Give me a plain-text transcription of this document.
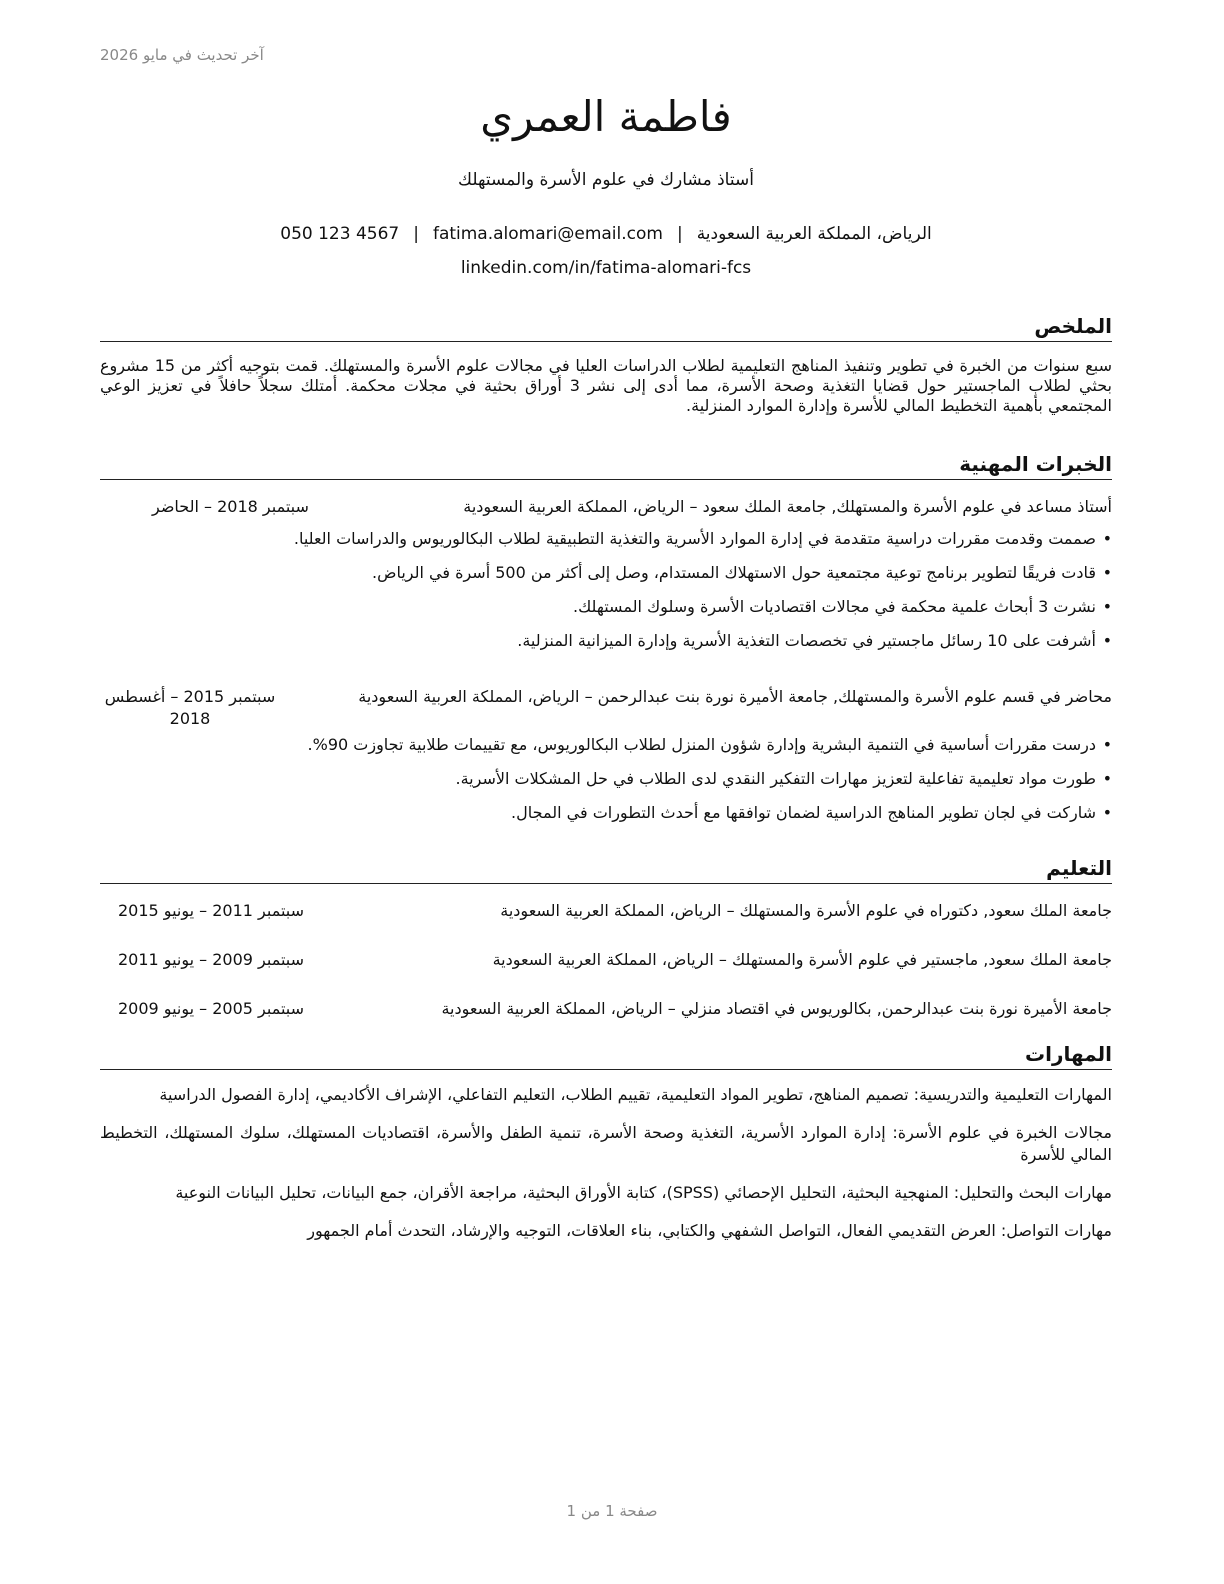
آخر تحديث في مايو 2026
فاطمة العمري
أستاذ مشارك في علوم الأسرة والمستهلك
050 123 4567 | fatima.alomari@email.com | الرياض، المملكة العربية السعودية
linkedin.com/in/fatima-alomari-fcs
الملخص
سبع سنوات من الخبرة في تطوير وتنفيذ المناهج التعليمية لطلاب الدراسات العليا في مجالات علوم الأسرة والمستهلك. قمت بتوجيه أكثر من 15 مشروع بحثي لطلاب الماجستير حول قضايا التغذية وصحة الأسرة، مما أدى إلى نشر 3 أوراق بحثية في مجلات محكمة. أمتلك سجلاً حافلاً في تعزيز الوعي المجتمعي بأهمية التخطيط المالي للأسرة وإدارة الموارد المنزلية.
الخبرات المهنية
أستاذ مساعد في علوم الأسرة والمستهلك, جامعة الملك سعود – الرياض، المملكة العربية السعودية
سبتمبر 2018 – الحاضر
• صممت وقدمت مقررات دراسية متقدمة في إدارة الموارد الأسرية والتغذية التطبيقية لطلاب البكالوريوس والدراسات العليا.
• قادت فريقًا لتطوير برنامج توعية مجتمعية حول الاستهلاك المستدام، وصل إلى أكثر من 500 أسرة في الرياض.
• نشرت 3 أبحاث علمية محكمة في مجالات اقتصاديات الأسرة وسلوك المستهلك.
• أشرفت على 10 رسائل ماجستير في تخصصات التغذية الأسرية وإدارة الميزانية المنزلية.
محاضر في قسم علوم الأسرة والمستهلك, جامعة الأميرة نورة بنت عبدالرحمن – الرياض، المملكة العربية السعودية
سبتمبر 2015 – أغسطس 2018
• درست مقررات أساسية في التنمية البشرية وإدارة شؤون المنزل لطلاب البكالوريوس، مع تقييمات طلابية تجاوزت 90%.
• طورت مواد تعليمية تفاعلية لتعزيز مهارات التفكير النقدي لدى الطلاب في حل المشكلات الأسرية.
• شاركت في لجان تطوير المناهج الدراسية لضمان توافقها مع أحدث التطورات في المجال.
التعليم
جامعة الملك سعود, دكتوراه في علوم الأسرة والمستهلك – الرياض، المملكة العربية السعودية
سبتمبر 2011 – يونيو 2015
جامعة الملك سعود, ماجستير في علوم الأسرة والمستهلك – الرياض، المملكة العربية السعودية
سبتمبر 2009 – يونيو 2011
جامعة الأميرة نورة بنت عبدالرحمن, بكالوريوس في اقتصاد منزلي – الرياض، المملكة العربية السعودية
سبتمبر 2005 – يونيو 2009
المهارات
المهارات التعليمية والتدريسية: تصميم المناهج، تطوير المواد التعليمية، تقييم الطلاب، التعليم التفاعلي، الإشراف الأكاديمي، إدارة الفصول الدراسية
مجالات الخبرة في علوم الأسرة: إدارة الموارد الأسرية، التغذية وصحة الأسرة، تنمية الطفل والأسرة، اقتصاديات المستهلك، سلوك المستهلك، التخطيط المالي للأسرة
مهارات البحث والتحليل: المنهجية البحثية، التحليل الإحصائي (SPSS)، كتابة الأوراق البحثية، مراجعة الأقران، جمع البيانات، تحليل البيانات النوعية
مهارات التواصل: العرض التقديمي الفعال، التواصل الشفهي والكتابي، بناء العلاقات، التوجيه والإرشاد، التحدث أمام الجمهور
صفحة 1 من 1
